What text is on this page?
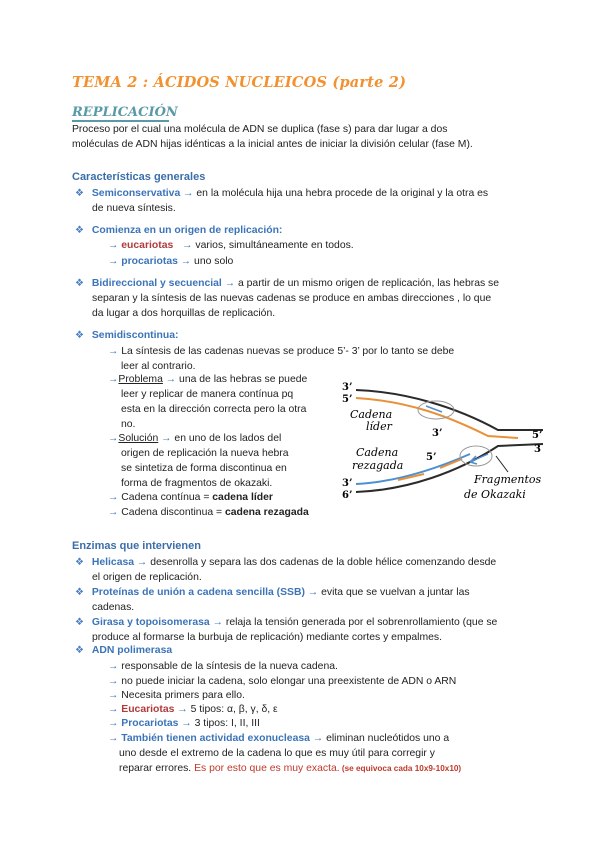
TEMA 2 : ÁCIDOS NUCLEICOS (parte 2)
REPLICACIÓN
Proceso por el cual una molécula de ADN se duplica (fase s) para dar lugar a dos
moléculas de ADN hijas idénticas a la inicial antes de iniciar la división celular (fase M).
Características generales
❖ Semiconservativa → en la molécula hija una hebra procede de la original y la otra es
de nueva síntesis.
❖ Comienza en un origen de replicación:
→ eucariotas → varios, simultáneamente en todos.
→ procariotas → uno solo
❖ Bidireccional y secuencial → a partir de un mismo origen de replicación, las hebras se
separan y la síntesis de las nuevas cadenas se produce en ambas direcciones , lo que
da lugar a dos horquillas de replicación.
❖ Semidiscontinua:
→ La síntesis de las cadenas nuevas se produce 5’- 3’ por lo tanto se debe
leer al contrario.
→Problema → una de las hebras se puede
leer y replicar de manera contínua pq
esta en la dirección correcta pero la otra
no.
→Solución → en uno de los lados del
origen de replicación la nueva hebra
se sintetiza de forma discontinua en
forma de fragmentos de okazaki.
→ Cadena contínua = cadena líder
→ Cadena discontinua = cadena rezagada
3’
5’
Cadena
líder
3’	5’
3
Cadena
rezagada
5’
3’
6’
Fragmentos
de Okazaki
Enzimas que intervienen
❖ Helicasa → desenrolla y separa las dos cadenas de la doble hélice comenzando desde
el origen de replicación.
❖ Proteínas de unión a cadena sencilla (SSB) → evita que se vuelvan a juntar las
cadenas.
❖ Girasa y topoisomerasa → relaja la tensión generada por el sobrenrollamiento (que se
produce al formarse la burbuja de replicación) mediante cortes y empalmes.
❖ ADN polimerasa
→ responsable de la síntesis de la nueva cadena.
→ no puede iniciar la cadena, solo elongar una preexistente de ADN o ARN
→ Necesita primers para ello.
→ Eucariotas → 5 tipos: α, β, γ, δ, ε
→ Procariotas → 3 tipos: I, II, III
→ También tienen actividad exonucleasa → eliminan nucleótidos uno a
uno desde el extremo de la cadena lo que es muy útil para corregir y
reparar errores. Es por esto que es muy exacta. (se equivoca cada 10x9-10x10)
